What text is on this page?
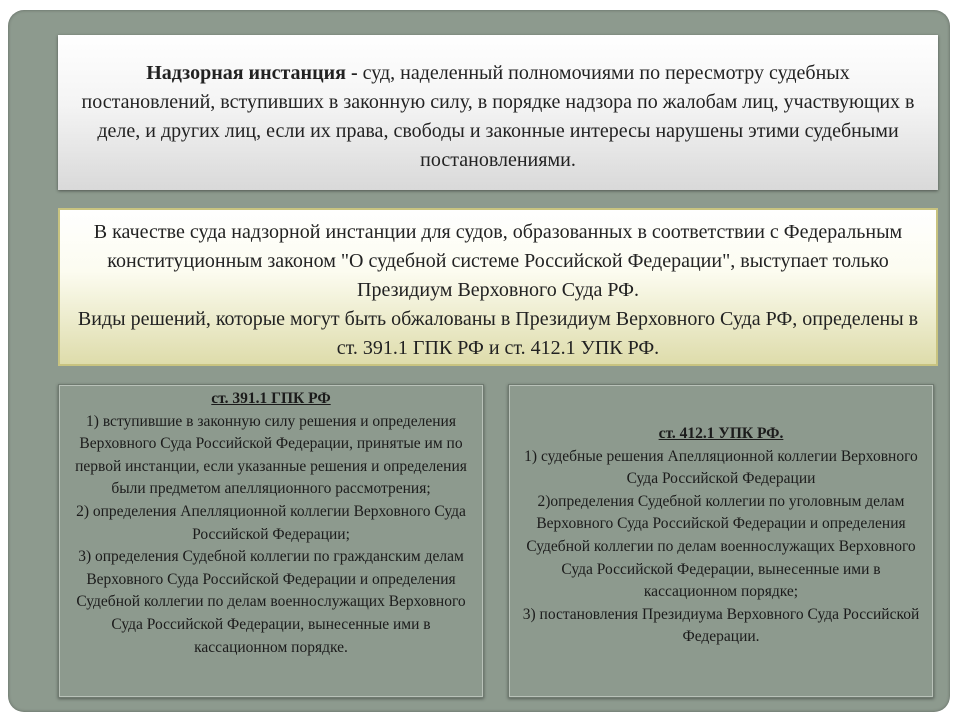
Надзорная инстанция - суд, наделенный полномочиями по пересмотру судебных постановлений, вступивших в законную силу, в порядке надзора по жалобам лиц, участвующих в деле, и других лиц, если их права, свободы и законные интересы нарушены этими судебными постановлениями.
В качестве суда надзорной инстанции для судов, образованных в соответствии с Федеральным конституционным законом "О судебной системе Российской Федерации", выступает только Президиум Верховного Суда РФ.
Виды решений, которые могут быть обжалованы в Президиум Верховного Суда РФ, определены в ст. 391.1 ГПК РФ и ст. 412.1 УПК РФ.
ст. 391.1 ГПК РФ
1) вступившие в законную силу решения и определения Верховного Суда Российской Федерации, принятые им по первой инстанции, если указанные решения и определения были предметом апелляционного рассмотрения;
2) определения Апелляционной коллегии Верховного Суда Российской Федерации;
3) определения Судебной коллегии по гражданским делам Верховного Суда Российской Федерации и определения Судебной коллегии по делам военнослужащих Верховного Суда Российской Федерации, вынесенные ими в кассационном порядке.
ст. 412.1 УПК РФ.
1) судебные решения Апелляционной коллегии Верховного Суда Российской Федерации
2)определения Судебной коллегии по уголовным делам Верховного Суда Российской Федерации и определения Судебной коллегии по делам военнослужащих Верховного Суда Российской Федерации, вынесенные ими в кассационном порядке;
3) постановления Президиума Верховного Суда Российской Федерации.
